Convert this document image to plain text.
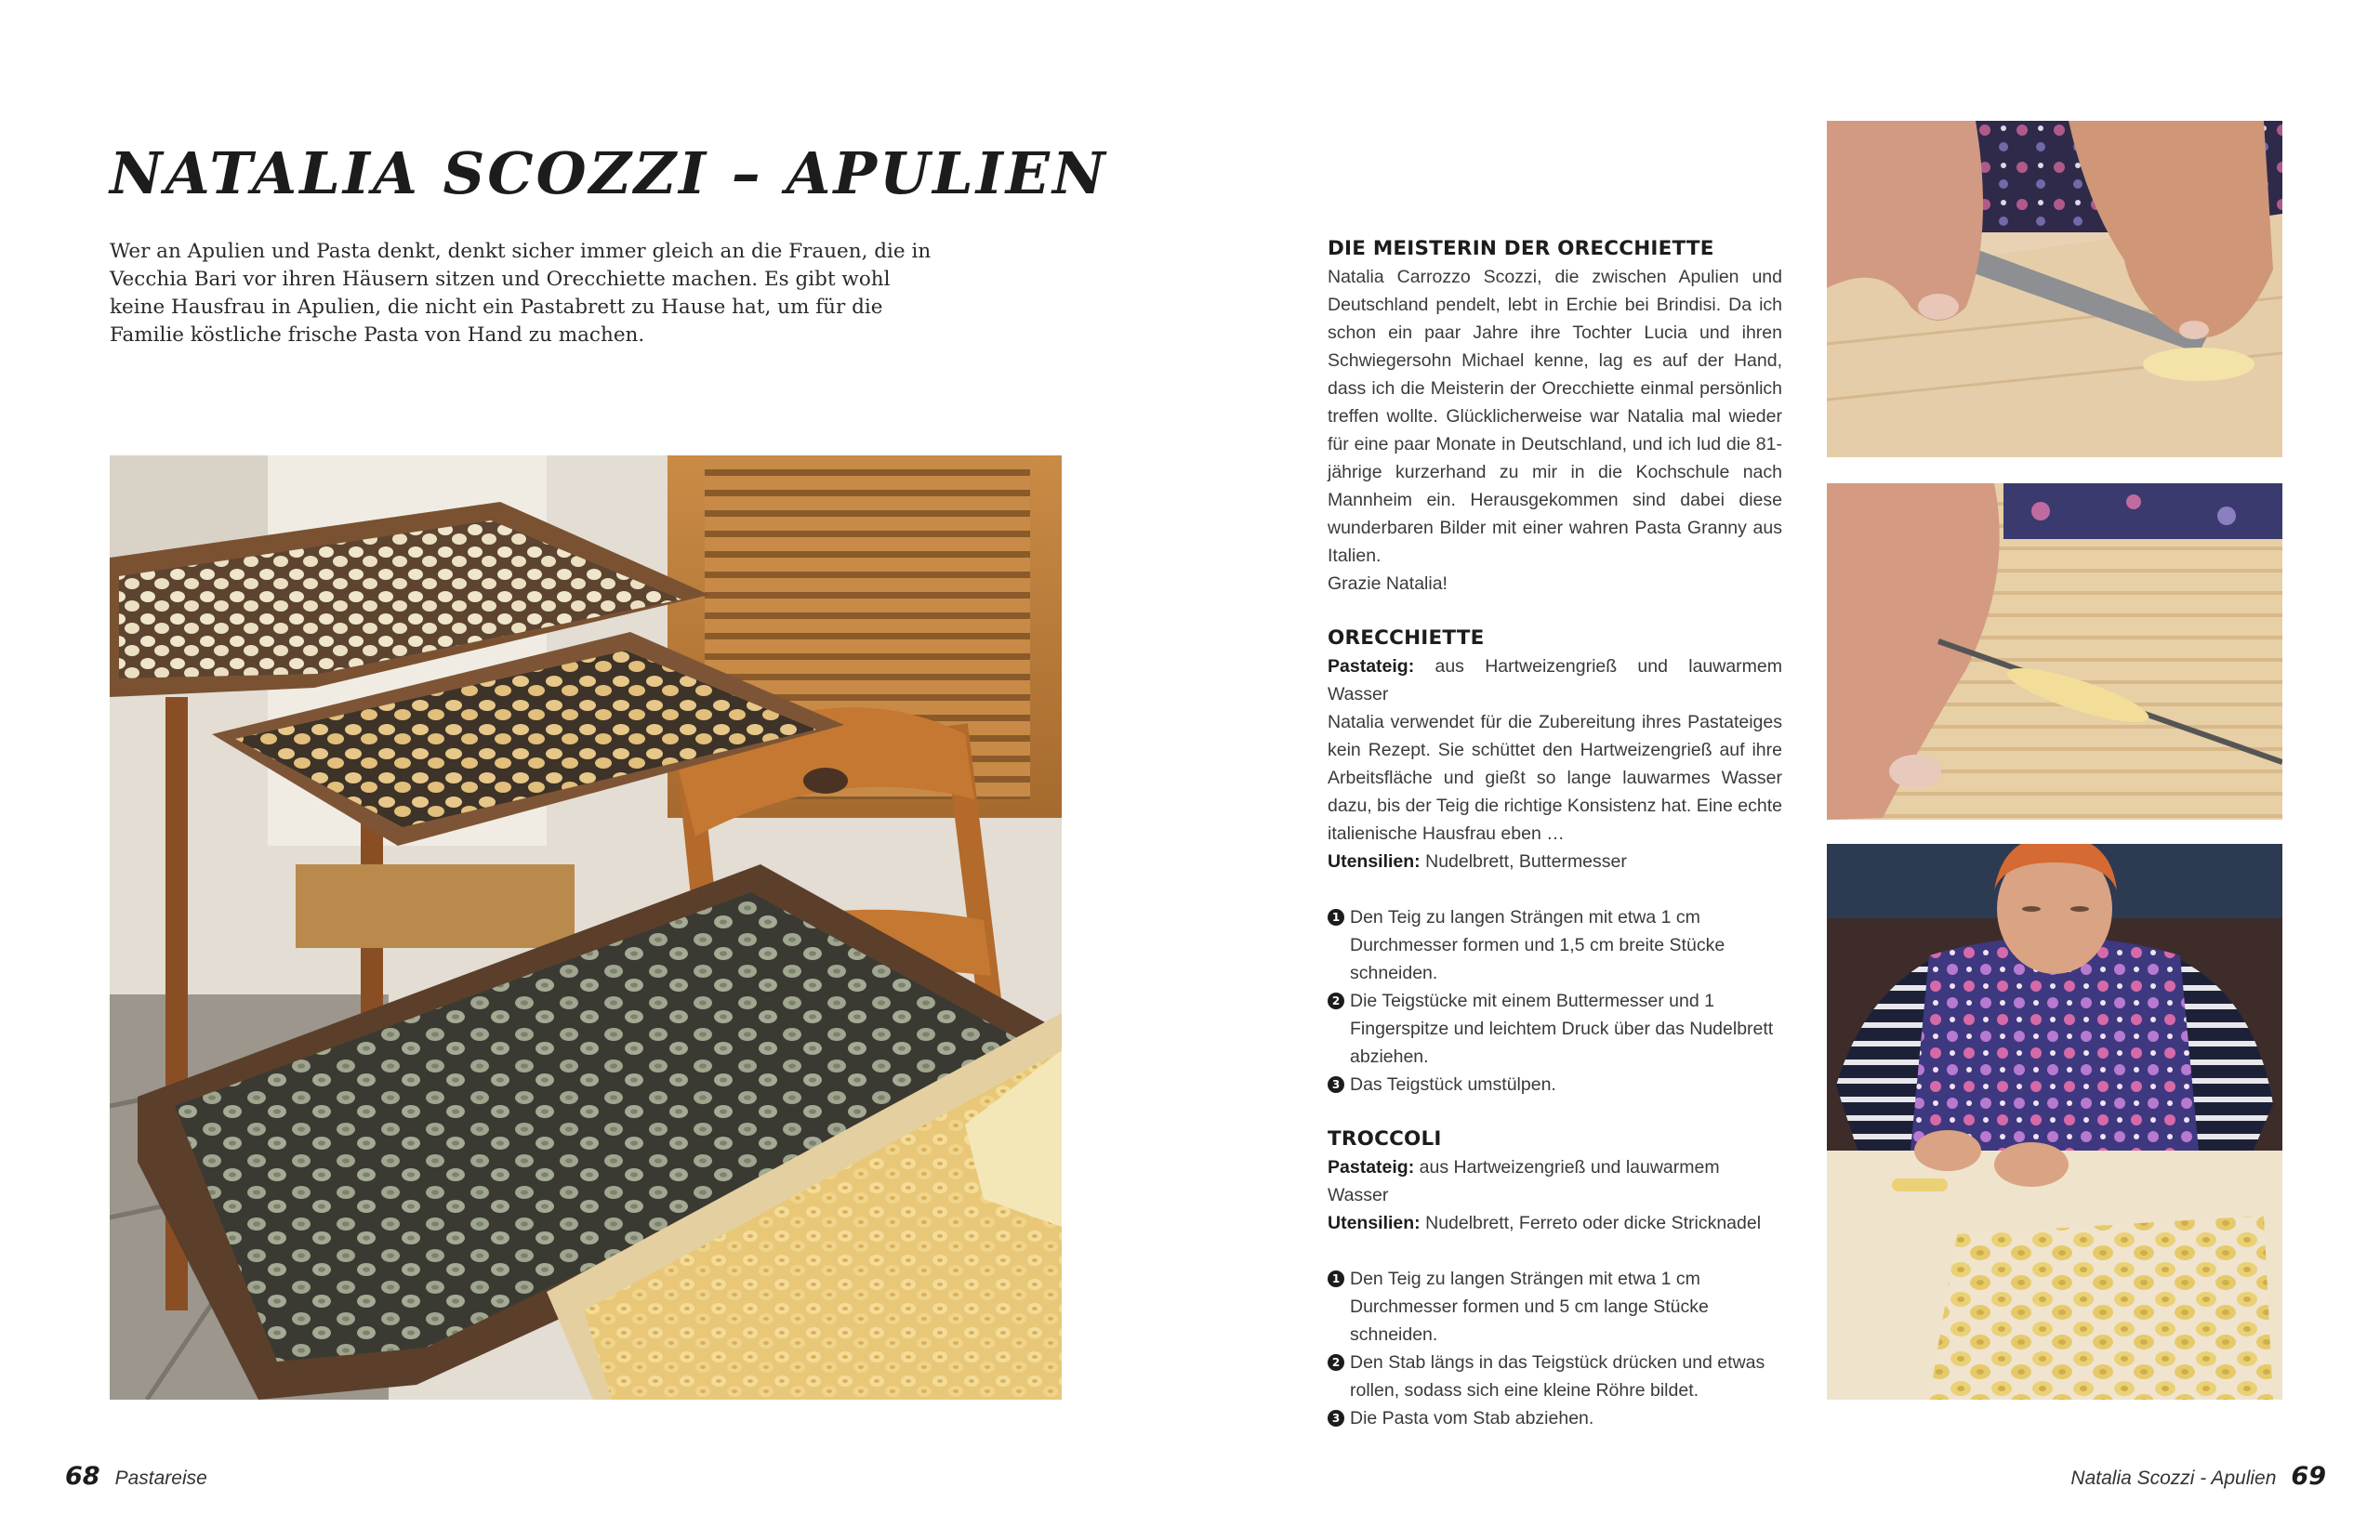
NATALIA SCOZZI – APULIEN

Wer an Apulien und Pasta denkt, denkt sicher immer gleich an die Frauen, die in Vecchia Bari vor ihren Häusern sitzen und Orecchiette machen. Es gibt wohl keine Hausfrau in Apulien, die nicht ein Pastabrett zu Hause hat, um für die Familie köstliche frische Pasta von Hand zu machen.

68 Pastareise
DIE MEISTERIN DER ORECCHIETTE

Natalia Carrozzo Scozzi, die zwischen Apulien und Deutschland pendelt, lebt in Erchie bei Brindisi. Da ich schon ein paar Jahre ihre Tochter Lucia und ihren Schwiegersohn Michael kenne, lag es auf der Hand, dass ich die Meisterin der Orecchiette einmal persönlich treffen wollte. Glücklicherweise war Natalia mal wieder für eine paar Monate in Deutschland, und ich lud die 81-jährige kurzerhand zu mir in die Kochschule nach Mannheim ein. Herausgekommen sind dabei diese wunderbaren Bilder mit einer wahren Pasta Granny aus Italien.

Grazie Natalia!
ORECCHIETTE

Pastateig: aus Hartweizengrieß und lauwarmem Wasser

Natalia verwendet für die Zubereitung ihres Pastateiges kein Rezept. Sie schüttet den Hartweizengrieß auf ihre Arbeitsfläche und gießt so lange lauwarmes Wasser dazu, bis der Teig die richtige Konsistenz hat. Eine echte italienische Hausfrau eben …

Utensilien: Nudelbrett, Buttermesser
1 Den Teig zu langen Strängen mit etwa 1 cm Durchmesser formen und 1,5 cm breite Stücke schneiden.
2 Die Teigstücke mit einem Buttermesser und 1 Fingerspitze und leichtem Druck über das Nudelbrett abziehen.
3 Das Teigstück umstülpen.
TROCCOLI
Pastateig: aus Hartweizengrieß und lauwarmem Wasser
Utensilien: Nudelbrett, Ferreto oder dicke Stricknadel
1 Den Teig zu langen Strängen mit etwa 1 cm Durchmesser formen und 5 cm lange Stücke schneiden.
2 Den Stab längs in das Teigstück drücken und etwas rollen, sodass sich eine kleine Röhre bildet.
3 Die Pasta vom Stab abziehen.
Natalia Scozzi - Apulien 69
